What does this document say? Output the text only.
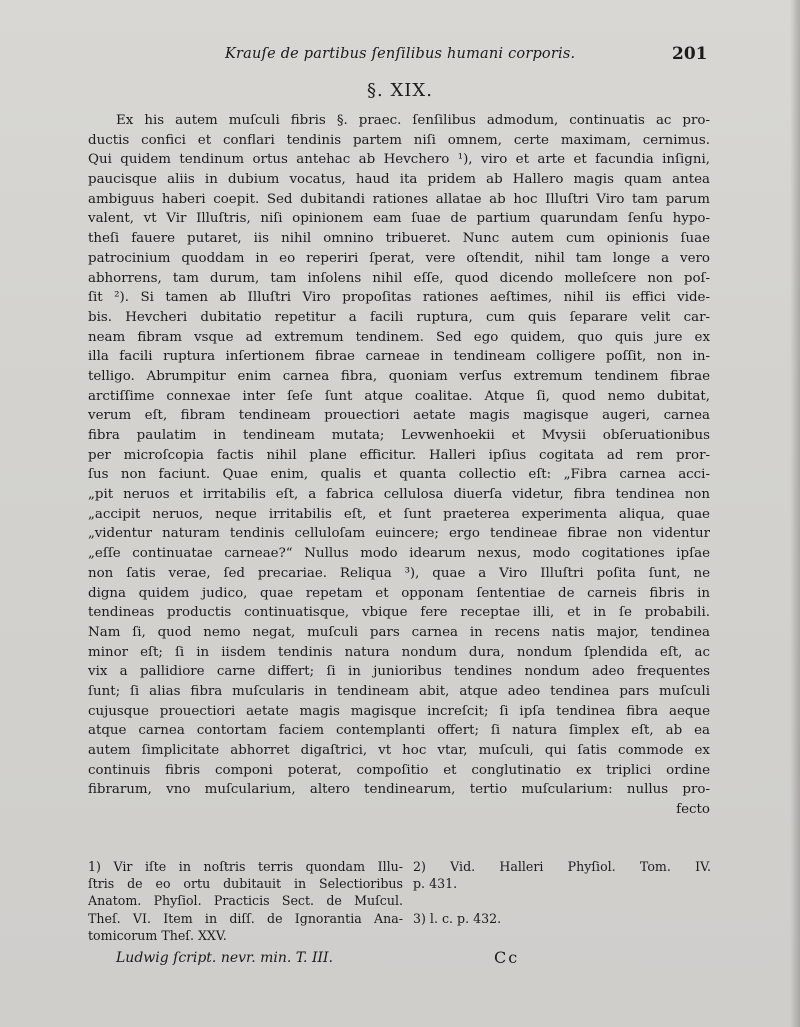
Krauſe de partibus ſenſilibus humani corporis.	201
§. XIX.
Ex his autem muſculi fibris §. praec. ſenſilibus admodum, continuatis ac pro-
ductis confici et conflari tendinis partem niſi omnem, certe maximam, cernimus.
Qui quidem tendinum ortus antehac ab Hevchero ¹), viro et arte et facundia inſigni,
paucisque aliis in dubium vocatus, haud ita pridem ab Hallero magis quam antea
ambiguus haberi coepit. Sed dubitandi rationes allatae ab hoc Illuſtri Viro tam parum
valent, vt Vir Illuſtris, niſi opinionem eam ſuae de partium quarundam ſenſu hypo-
theſi fauere putaret, iis nihil omnino tribueret. Nunc autem cum opinionis ſuae
patrocinium quoddam in eo reperiri ſperat, vere oſtendit, nihil tam longe a vero
abhorrens, tam durum, tam inſolens nihil eſſe, quod dicendo molleſcere non poſ-
ſit ²). Si tamen ab Illuſtri Viro propoſitas rationes aeſtimes, nihil iis effici vide-
bis. Hevcheri dubitatio repetitur a facili ruptura, cum quis ſeparare velit car-
neam fibram vsque ad extremum tendinem. Sed ego quidem, quo quis jure ex
illa facili ruptura inſertionem fibrae carneae in tendineam colligere poſſit, non in-
telligo. Abrumpitur enim carnea fibra, quoniam verſus extremum tendinem fibrae
arctiſſime connexae inter ſeſe ſunt atque coalitae. Atque ſi, quod nemo dubitat,
verum eſt, fibram tendineam prouectiori aetate magis magisque augeri, carnea
fibra paulatim in tendineam mutata; Levwenhoekii et Mvysii obſeruationibus
per microſcopia factis nihil plane efficitur. Halleri ipſius cogitata ad rem pror-
ſus non faciunt. Quae enim, qualis et quanta collectio eſt: „Fibra carnea acci-
„pit neruos et irritabilis eſt, a fabrica cellulosa diuerſa videtur, fibra tendinea non
„accipit neruos, neque irritabilis eſt, et ſunt praeterea experimenta aliqua, quae
„videntur naturam tendinis celluloſam euincere; ergo tendineae fibrae non videntur
„eſſe continuatae carneae?“ Nullus modo idearum nexus, modo cogitationes ipſae
non ſatis verae, ſed precariae. Reliqua ³), quae a Viro Illuſtri poſita ſunt, ne
digna quidem judico, quae repetam et opponam ſententiae de carneis fibris in
tendineas productis continuatisque, vbique fere receptae illi, et in ſe probabili.
Nam ſi, quod nemo negat, muſculi pars carnea in recens natis major, tendinea
minor eſt; ſi in iisdem tendinis natura nondum dura, nondum ſplendida eſt, ac
vix a pallidiore carne differt; ſi in junioribus tendines nondum adeo frequentes
ſunt; ſi alias fibra muſcularis in tendineam abit, atque adeo tendinea pars muſculi
cujusque prouectiori aetate magis magisque increſcit; ſi ipſa tendinea fibra aeque
atque carnea contortam faciem contemplanti offert; ſi natura ſimplex eſt, ab ea
autem ſimplicitate abhorret digaſtrici, vt hoc vtar, muſculi, qui ſatis commode ex
continuis fibris componi poterat, compoſitio et conglutinatio ex triplici ordine
fibrarum, vno muſcularium, altero tendinearum, tertio muſcularium: nullus pro-
fecto
1) Vir iſte in noſtris terris quondam Illu-
ſtris de eo ortu dubitauit in Selectioribus
Anatom. Phyſiol. Practicis Sect. de Muſcul.
Theſ. VI. Item in diſſ. de Ignorantia Ana-
tomicorum Theſ. XXV.
2) Vid. Halleri Phyſiol. Tom. IV.
p. 431.
3) l. c. p. 432.
Ludwig ſcript. nevr. min. T. III.	Cc
